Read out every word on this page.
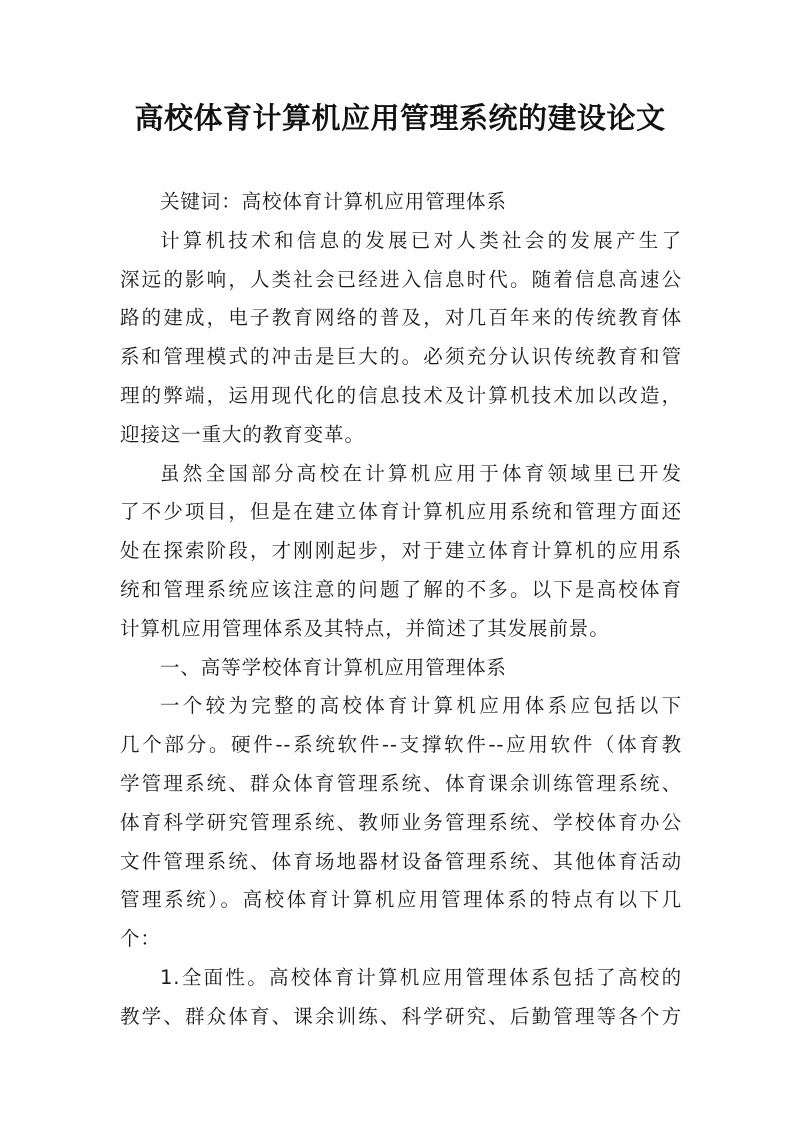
高校体育计算机应用管理系统的建设论文
关键词：高校体育计算机应用管理体系
计算机技术和信息的发展已对人类社会的发展产生了
深远的影响，人类社会已经进入信息时代。随着信息高速公
路的建成，电子教育网络的普及，对几百年来的传统教育体
系和管理模式的冲击是巨大的。必须充分认识传统教育和管
理的弊端，运用现代化的信息技术及计算机技术加以改造，
迎接这一重大的教育变革。
虽然全国部分高校在计算机应用于体育领域里已开发
了不少项目，但是在建立体育计算机应用系统和管理方面还
处在探索阶段，才刚刚起步，对于建立体育计算机的应用系
统和管理系统应该注意的问题了解的不多。以下是高校体育
计算机应用管理体系及其特点，并简述了其发展前景。
一、高等学校体育计算机应用管理体系
一个较为完整的高校体育计算机应用体系应包括以下
几个部分。硬件--系统软件--支撑软件--应用软件（体育教
学管理系统、群众体育管理系统、体育课余训练管理系统、
体育科学研究管理系统、教师业务管理系统、学校体育办公
文件管理系统、体育场地器材设备管理系统、其他体育活动
管理系统）。高校体育计算机应用管理体系的特点有以下几
个：
1.全面性。高校体育计算机应用管理体系包括了高校的
教学、群众体育、课余训练、科学研究、后勤管理等各个方
